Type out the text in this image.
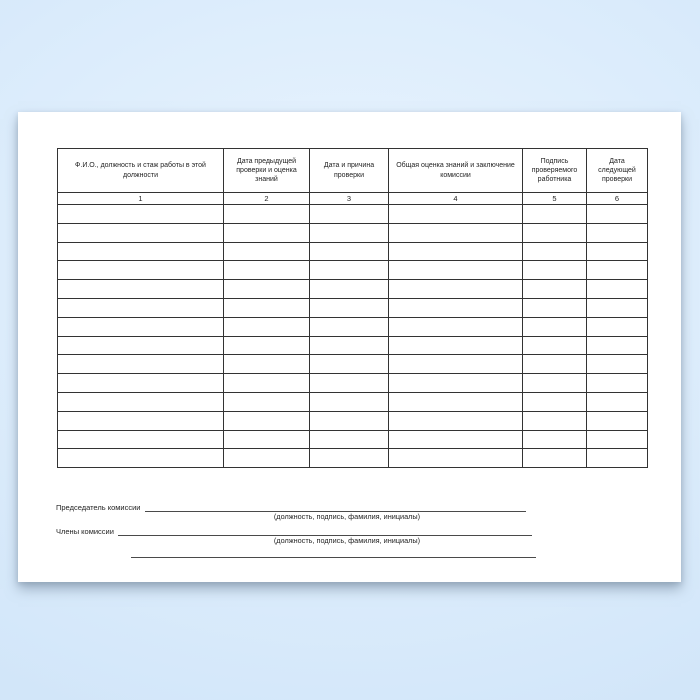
Ф.И.О., должность и стаж работы в этой должности	Дата предыдущей проверки и оценка знаний	Дата и причина проверки	Общая оценка знаний и заключение комиссии	Подпись проверяемого работника	Дата следующей проверки
1	2	3	4	5	6

Председатель комиссии
(должность, подпись, фамилия, инициалы)
Члены комиссии
(должность, подпись, фамилия, инициалы)
